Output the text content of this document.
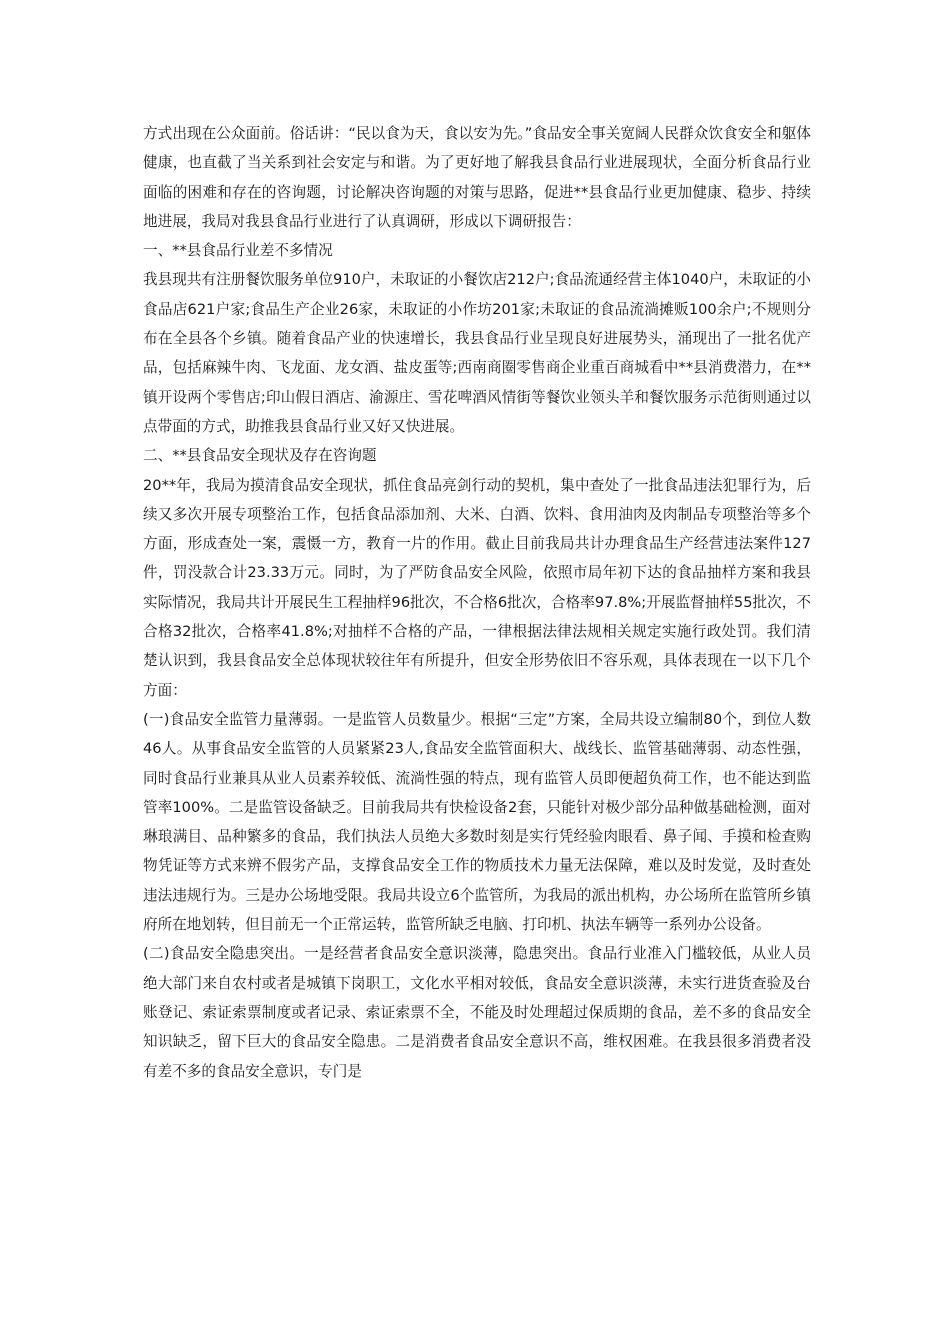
方式出现在公众面前。俗话讲：“民以食为天，食以安为先。”食品安全事关宽阔人民群众饮食安全和躯体健康，也直截了当关系到社会安定与和谐。为了更好地了解我县食品行业进展现状，全面分析食品行业面临的困难和存在的咨询题，讨论解决咨询题的对策与思路，促进**县食品行业更加健康、稳步、持续地进展，我局对我县食品行业进行了认真调研，形成以下调研报告：

一、**县食品行业差不多情况

我县现共有注册餐饮服务单位910户，未取证的小餐饮店212户;食品流通经营主体1040户，未取证的小食品店621户家;食品生产企业26家，未取证的小作坊201家;未取证的食品流淌摊贩100余户;不规则分布在全县各个乡镇。随着食品产业的快速增长，我县食品行业呈现良好进展势头，涌现出了一批名优产品，包括麻辣牛肉、飞龙面、龙女酒、盐皮蛋等;西南商圈零售商企业重百商城看中**县消费潜力，在**镇开设两个零售店;印山假日酒店、渝源庄、雪花啤酒风情街等餐饮业领头羊和餐饮服务示范街则通过以点带面的方式，助推我县食品行业又好又快进展。

二、**县食品安全现状及存在咨询题

20**年，我局为摸清食品安全现状，抓住食品亮剑行动的契机，集中查处了一批食品违法犯罪行为，后续又多次开展专项整治工作，包括食品添加剂、大米、白酒、饮料、食用油肉及肉制品专项整治等多个方面，形成查处一案，震慑一方，教育一片的作用。截止目前我局共计办理食品生产经营违法案件127件，罚没款合计23.33万元。同时，为了严防食品安全风险，依照市局年初下达的食品抽样方案和我县实际情况，我局共计开展民生工程抽样96批次，不合格6批次，合格率97.8%;开展监督抽样55批次，不合格32批次，合格率41.8%;对抽样不合格的产品，一律根据法律法规相关规定实施行政处罚。我们清楚认识到，我县食品安全总体现状较往年有所提升，但安全形势依旧不容乐观，具体表现在一以下几个方面：

(一)食品安全监管力量薄弱。一是监管人员数量少。根据“三定”方案，全局共设立编制80个，到位人数46人。从事食品安全监管的人员紧紧23人,食品安全监管面积大、战线长、监管基础薄弱、动态性强，同时食品行业兼具从业人员素养较低、流淌性强的特点，现有监管人员即便超负荷工作，也不能达到监管率100%。二是监管设备缺乏。目前我局共有快检设备2套，只能针对极少部分品种做基础检测，面对琳琅满目、品种繁多的食品，我们执法人员绝大多数时刻是实行凭经验肉眼看、鼻子闻、手摸和检查购物凭证等方式来辨不假劣产品，支撑食品安全工作的物质技术力量无法保障，难以及时发觉，及时查处违法违规行为。三是办公场地受限。我局共设立6个监管所，为我局的派出机构，办公场所在监管所乡镇府所在地划转，但目前无一个正常运转，监管所缺乏电脑、打印机、执法车辆等一系列办公设备。

(二)食品安全隐患突出。一是经营者食品安全意识淡薄，隐患突出。食品行业准入门槛较低，从业人员绝大部门来自农村或者是城镇下岗职工，文化水平相对较低，食品安全意识淡薄，未实行进货查验及台账登记、索证索票制度或者记录、索证索票不全，不能及时处理超过保质期的食品，差不多的食品安全知识缺乏，留下巨大的食品安全隐患。二是消费者食品安全意识不高，维权困难。在我县很多消费者没有差不多的食品安全意识，专门是
